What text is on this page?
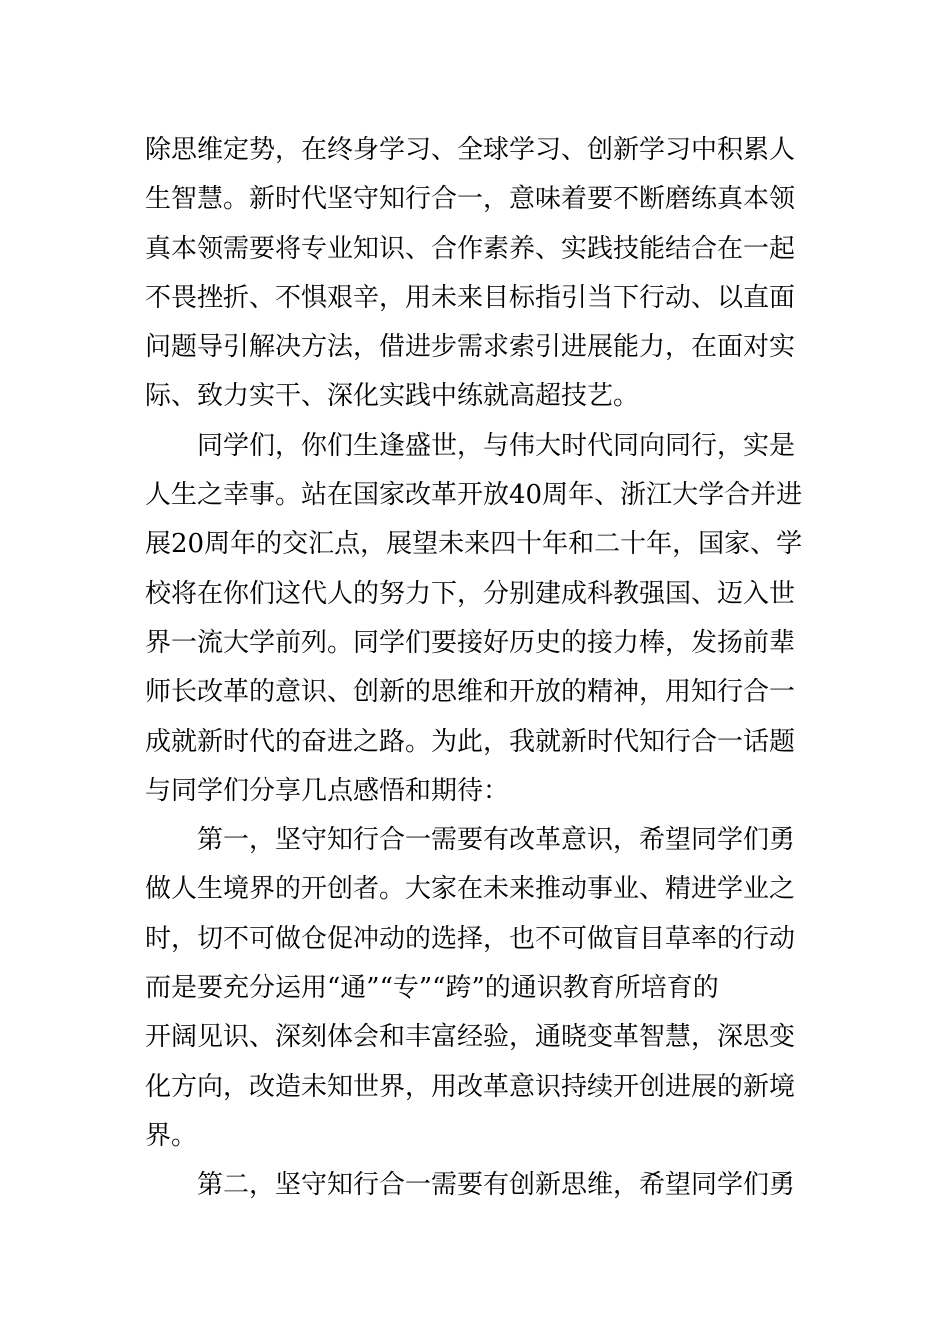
除思维定势，在终身学习、全球学习、创新学习中积累人
生智慧。新时代坚守知行合一，意味着要不断磨练真本领
真本领需要将专业知识、合作素养、实践技能结合在一起
不畏挫折、不惧艰辛，用未来目标指引当下行动、以直面
问题导引解决方法，借进步需求索引进展能力，在面对实
际、致力实干、深化实践中练就高超技艺。
同学们，你们生逢盛世，与伟大时代同向同行，实是
人生之幸事。站在国家改革开放40周年、浙江大学合并进
展20周年的交汇点，展望未来四十年和二十年，国家、学
校将在你们这代人的努力下，分别建成科教强国、迈入世
界一流大学前列。同学们要接好历史的接力棒，发扬前辈
师长改革的意识、创新的思维和开放的精神，用知行合一
成就新时代的奋进之路。为此，我就新时代知行合一话题
与同学们分享几点感悟和期待：
第一，坚守知行合一需要有改革意识，希望同学们勇
做人生境界的开创者。大家在未来推动事业、精进学业之
时，切不可做仓促冲动的选择，也不可做盲目草率的行动
而是要充分运用“通”“专”“跨”的通识教育所培育的
开阔见识、深刻体会和丰富经验，通晓变革智慧，深思变
化方向，改造未知世界，用改革意识持续开创进展的新境
界。
第二，坚守知行合一需要有创新思维，希望同学们勇
